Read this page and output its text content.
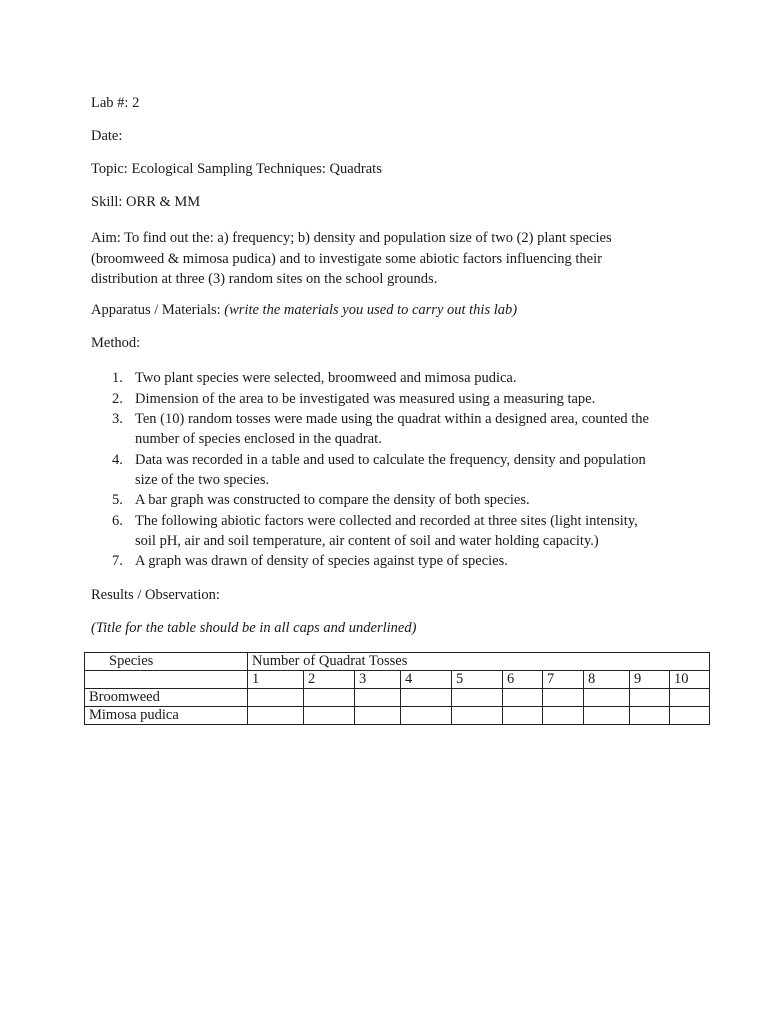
Lab #: 2
Date:
Topic: Ecological Sampling Techniques: Quadrats
Skill: ORR & MM
Aim: To find out the: a) frequency; b) density and population size of two (2) plant species
(broomweed & mimosa pudica) and to investigate some abiotic factors influencing their
distribution at three (3) random sites on the school grounds.
Apparatus / Materials: (write the materials you used to carry out this lab)
Method:
1. Two plant species were selected, broomweed and mimosa pudica.
2. Dimension of the area to be investigated was measured using a measuring tape.
3. Ten (10) random tosses were made using the quadrat within a designed area, counted the
number of species enclosed in the quadrat.
4. Data was recorded in a table and used to calculate the frequency, density and population
size of the two species.
5. A bar graph was constructed to compare the density of both species.
6. The following abiotic factors were collected and recorded at three sites (light intensity,
soil pH, air and soil temperature, air content of soil and water holding capacity.)
7. A graph was drawn of density of species against type of species.
Results / Observation:
(Title for the table should be in all caps and underlined)
Species	Number of Quadrat Tosses									
	1	2	3	4	5	6	7	8	9	10
Broomweed										
Mimosa pudica										
